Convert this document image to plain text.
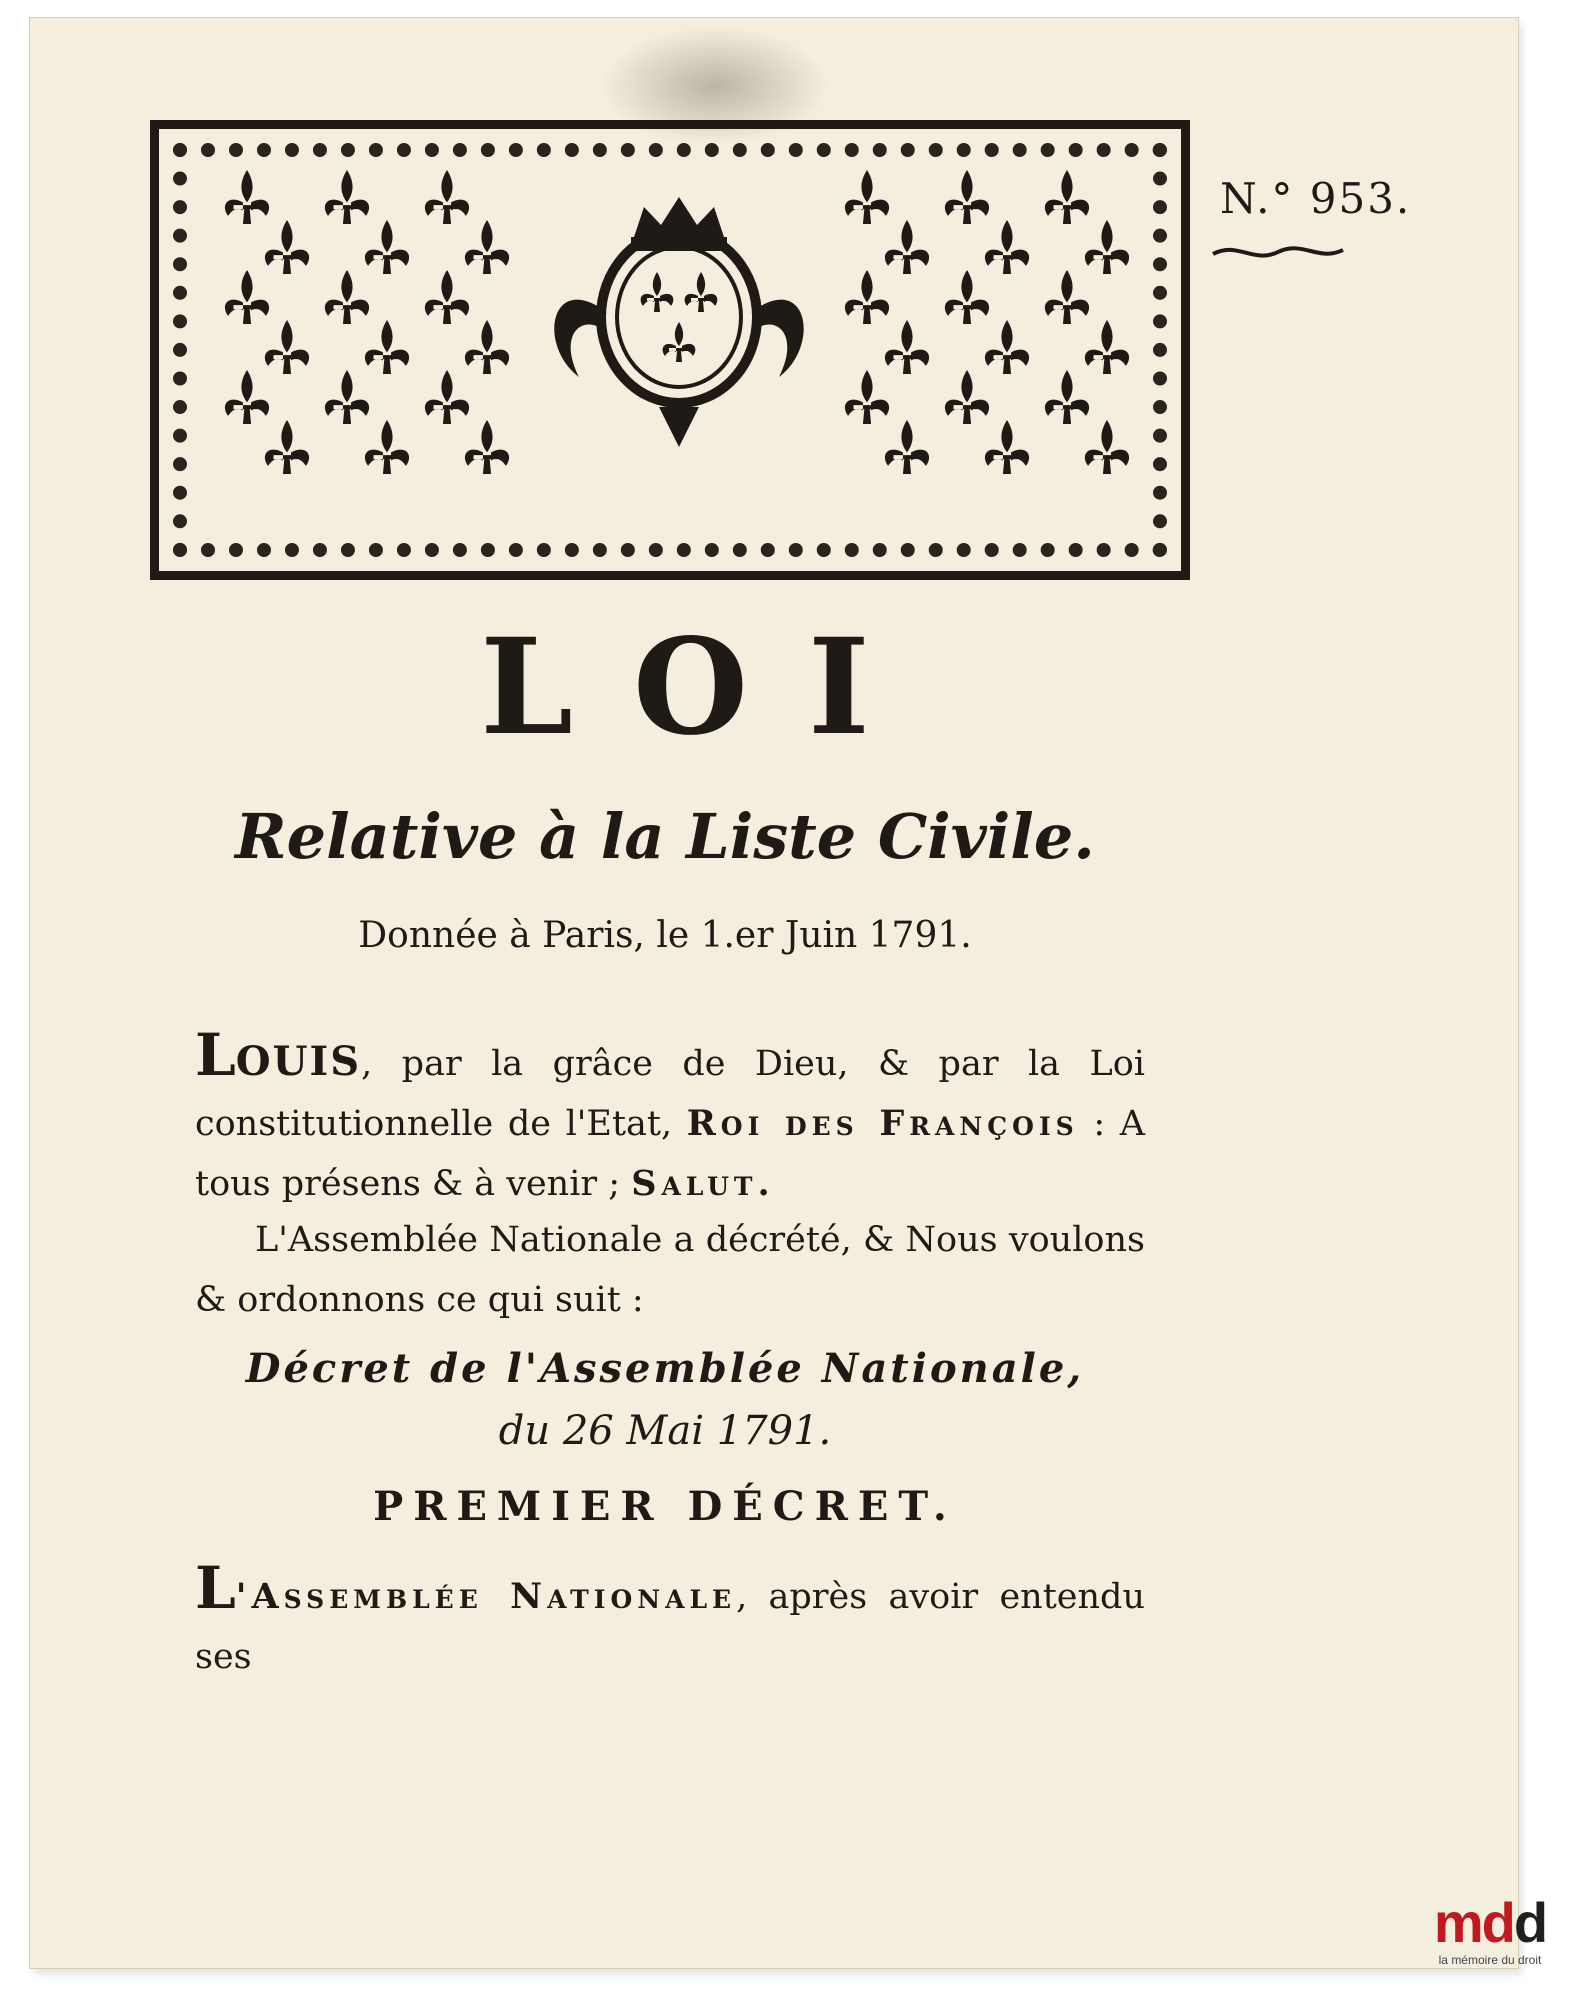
N.° 953.
LOI
Relative à la Liste Civile.
Donnée à Paris, le 1.er Juin 1791.
LOUIS, par la grâce de Dieu, & par la Loi constitutionnelle de l'Etat, Roi des François : A tous présens & à venir ; Salut.
L'Assemblée Nationale a décrété, & Nous voulons & ordonnons ce qui suit :
Décret de l'Assemblée Nationale,
du 26 Mai 1791.
PREMIER DÉCRET.
L'Assemblée Nationale, après avoir entendu ses
mdd
la mémoire du droit
